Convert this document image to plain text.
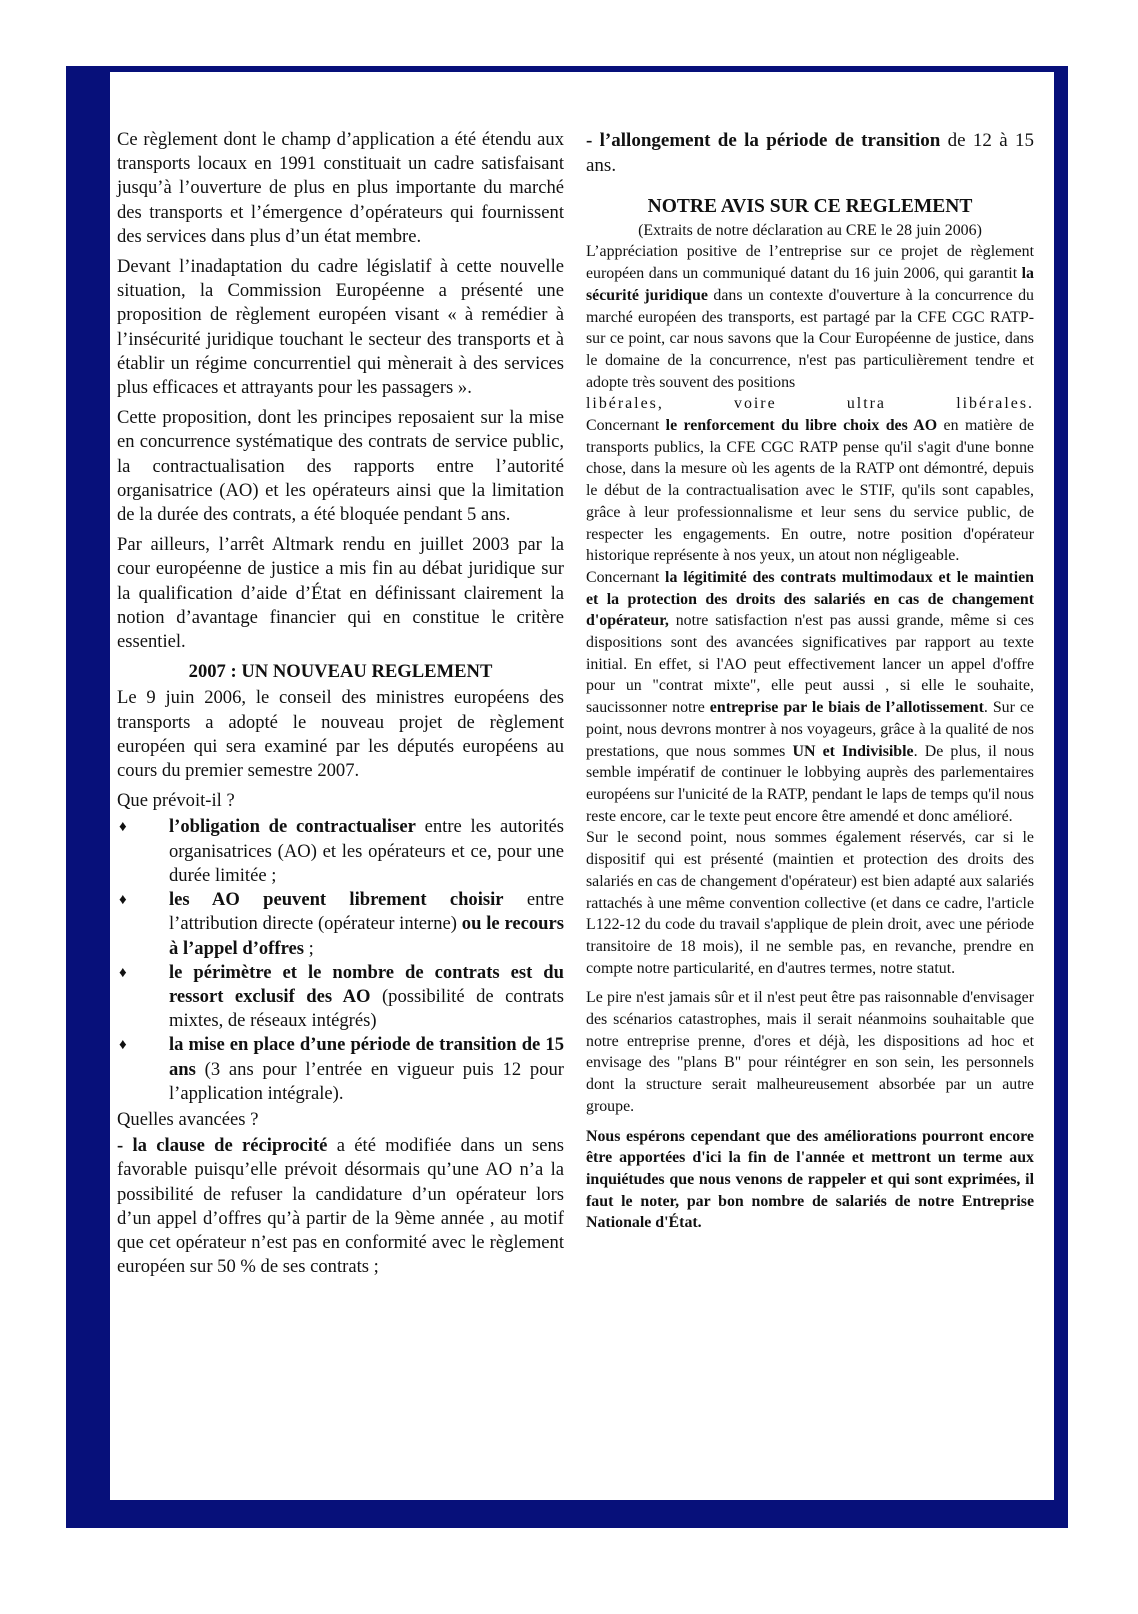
Ce règlement dont le champ d’application a été étendu aux transports locaux en 1991 constituait un cadre satisfaisant jusqu’à l’ouverture de plus en plus importante du marché des transports et l’émergence d’opérateurs qui fournissent des services dans plus d’un état membre.

Devant l’inadaptation du cadre législatif à cette nouvelle situation, la Commission Européenne a présenté une proposition de règlement européen visant « à remédier à l’insécurité juridique touchant le secteur des transports et à établir un régime concurrentiel qui mènerait à des services plus efficaces et attrayants pour les passagers ».

Cette proposition, dont les principes reposaient sur la mise en concurrence systématique des contrats de service public, la contractualisation des rapports entre l’autorité organisatrice (AO) et les opérateurs ainsi que la limitation de la durée des contrats, a été bloquée pendant 5 ans.

Par ailleurs, l’arrêt Altmark rendu en juillet 2003 par la cour européenne de justice a mis fin au débat juridique sur la qualification d’aide d’État en définissant clairement la notion d’avantage financier qui en constitue le critère essentiel.

2007 : UN NOUVEAU REGLEMENT

Le 9 juin 2006, le conseil des ministres européens des transports a adopté le nouveau projet de règlement européen qui sera examiné par les députés européens au cours du premier semestre 2007.

Que prévoit-il ?
♦ l’obligation de contractualiser entre les autorités organisatrices (AO) et les opérateurs et ce, pour une durée limitée ;
♦ les AO peuvent librement choisir entre l’attribution directe (opérateur interne) ou le recours à l’appel d’offres ;
♦ le périmètre et le nombre de contrats est du ressort exclusif des AO (possibilité de contrats mixtes, de réseaux intégrés)
♦ la mise en place d’une période de transition de 15 ans (3 ans pour l’entrée en vigueur puis 12 pour l’application intégrale).
Quelles avancées ?

- la clause de réciprocité a été modifiée dans un sens favorable puisqu’elle prévoit désormais qu’une AO n’a la possibilité de refuser la candidature d’un opérateur lors d’un appel d’offres qu’à partir de la 9ème année , au motif que cet opérateur n’est pas en conformité avec le règlement européen sur 50 % de ses contrats ;

- l’allongement de la période de transition de 12 à 15 ans.

NOTRE AVIS SUR CE REGLEMENT
(Extraits de notre déclaration au CRE le 28 juin 2006)

L’appréciation positive de l’entreprise sur ce projet de règlement européen dans un communiqué datant du 16 juin 2006, qui garantit la sécurité juridique dans un contexte d'ouverture à la concurrence du marché européen des transports, est partagé par la CFE CGC RATP- sur ce point, car nous savons que la Cour Européenne de justice, dans le domaine de la concurrence, n'est pas particulièrement tendre et adopte très souvent des positions

libérales, voire ultra libérales.

Concernant le renforcement du libre choix des AO en matière de transports publics, la CFE CGC RATP pense qu'il s'agit d'une bonne chose, dans la mesure où les agents de la RATP ont démontré, depuis le début de la contractualisation avec le STIF, qu'ils sont capables, grâce à leur professionnalisme et leur sens du service public, de respecter les engagements. En outre, notre position d'opérateur historique représente à nos yeux, un atout non négligeable.

Concernant la légitimité des contrats multimodaux et le maintien et la protection des droits des salariés en cas de changement d'opérateur, notre satisfaction n'est pas aussi grande, même si ces dispositions sont des avancées significatives par rapport au texte initial. En effet, si l'AO peut effectivement lancer un appel d'offre pour un "contrat mixte", elle peut aussi , si elle le souhaite, saucissonner notre entreprise par le biais de l’allotissement. Sur ce point, nous devrons montrer à nos voyageurs, grâce à la qualité de nos prestations, que nous sommes UN et Indivisible. De plus, il nous semble impératif de continuer le lobbying auprès des parlementaires européens sur l'unicité de la RATP, pendant le laps de temps qu'il nous reste encore, car le texte peut encore être amendé et donc amélioré.

Sur le second point, nous sommes également réservés, car si le dispositif qui est présenté (maintien et protection des droits des salariés en cas de changement d'opérateur) est bien adapté aux salariés rattachés à une même convention collective (et dans ce cadre, l'article L122-12 du code du travail s'applique de plein droit, avec une période transitoire de 18 mois), il ne semble pas, en revanche, prendre en compte notre particularité, en d'autres termes, notre statut.

Le pire n'est jamais sûr et il n'est peut être pas raisonnable d'envisager des scénarios catastrophes, mais il serait néanmoins souhaitable que notre entreprise prenne, d'ores et déjà, les dispositions ad hoc et envisage des "plans B" pour réintégrer en son sein, les personnels dont la structure serait malheureusement absorbée par un autre groupe.

Nous espérons cependant que des améliorations pourront encore être apportées d'ici la fin de l'année et mettront un terme aux inquiétudes que nous venons de rappeler et qui sont exprimées, il faut le noter, par bon nombre de salariés de notre Entreprise Nationale d'État.
